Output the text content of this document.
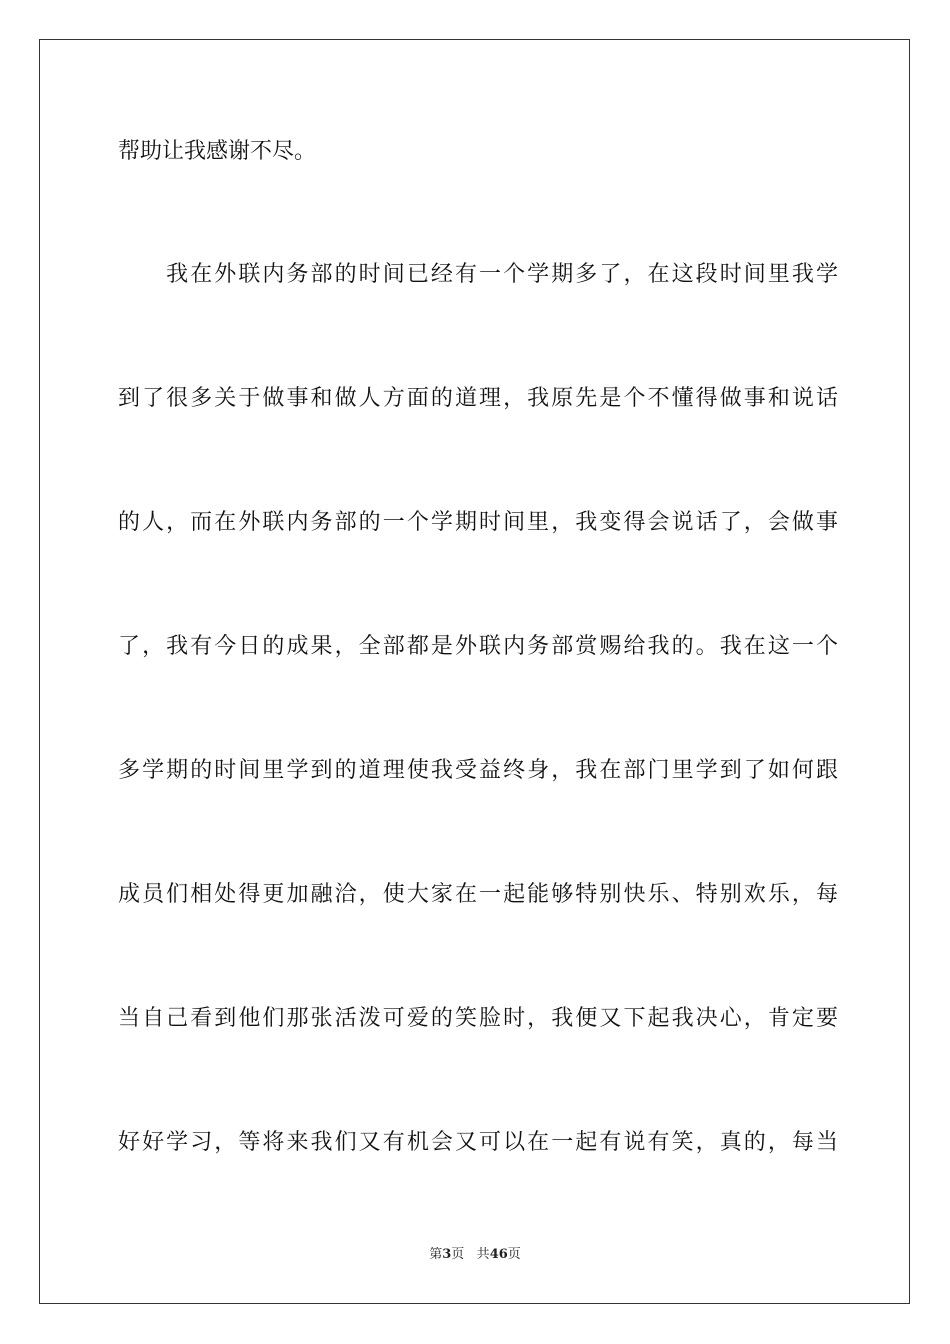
帮助让我感谢不尽。
　　我在外联内务部的时间已经有一个学期多了，在这段时间里我学
到了很多关于做事和做人方面的道理，我原先是个不懂得做事和说话
的人，而在外联内务部的一个学期时间里，我变得会说话了，会做事
了，我有今日的成果，全部都是外联内务部赏赐给我的。我在这一个
多学期的时间里学到的道理使我受益终身，我在部门里学到了如何跟
成员们相处得更加融洽，使大家在一起能够特别快乐、特别欢乐，每
当自己看到他们那张活泼可爱的笑脸时，我便又下起我决心，肯定要
好好学习，等将来我们又有机会又可以在一起有说有笑，真的，每当
第3页 共46页
